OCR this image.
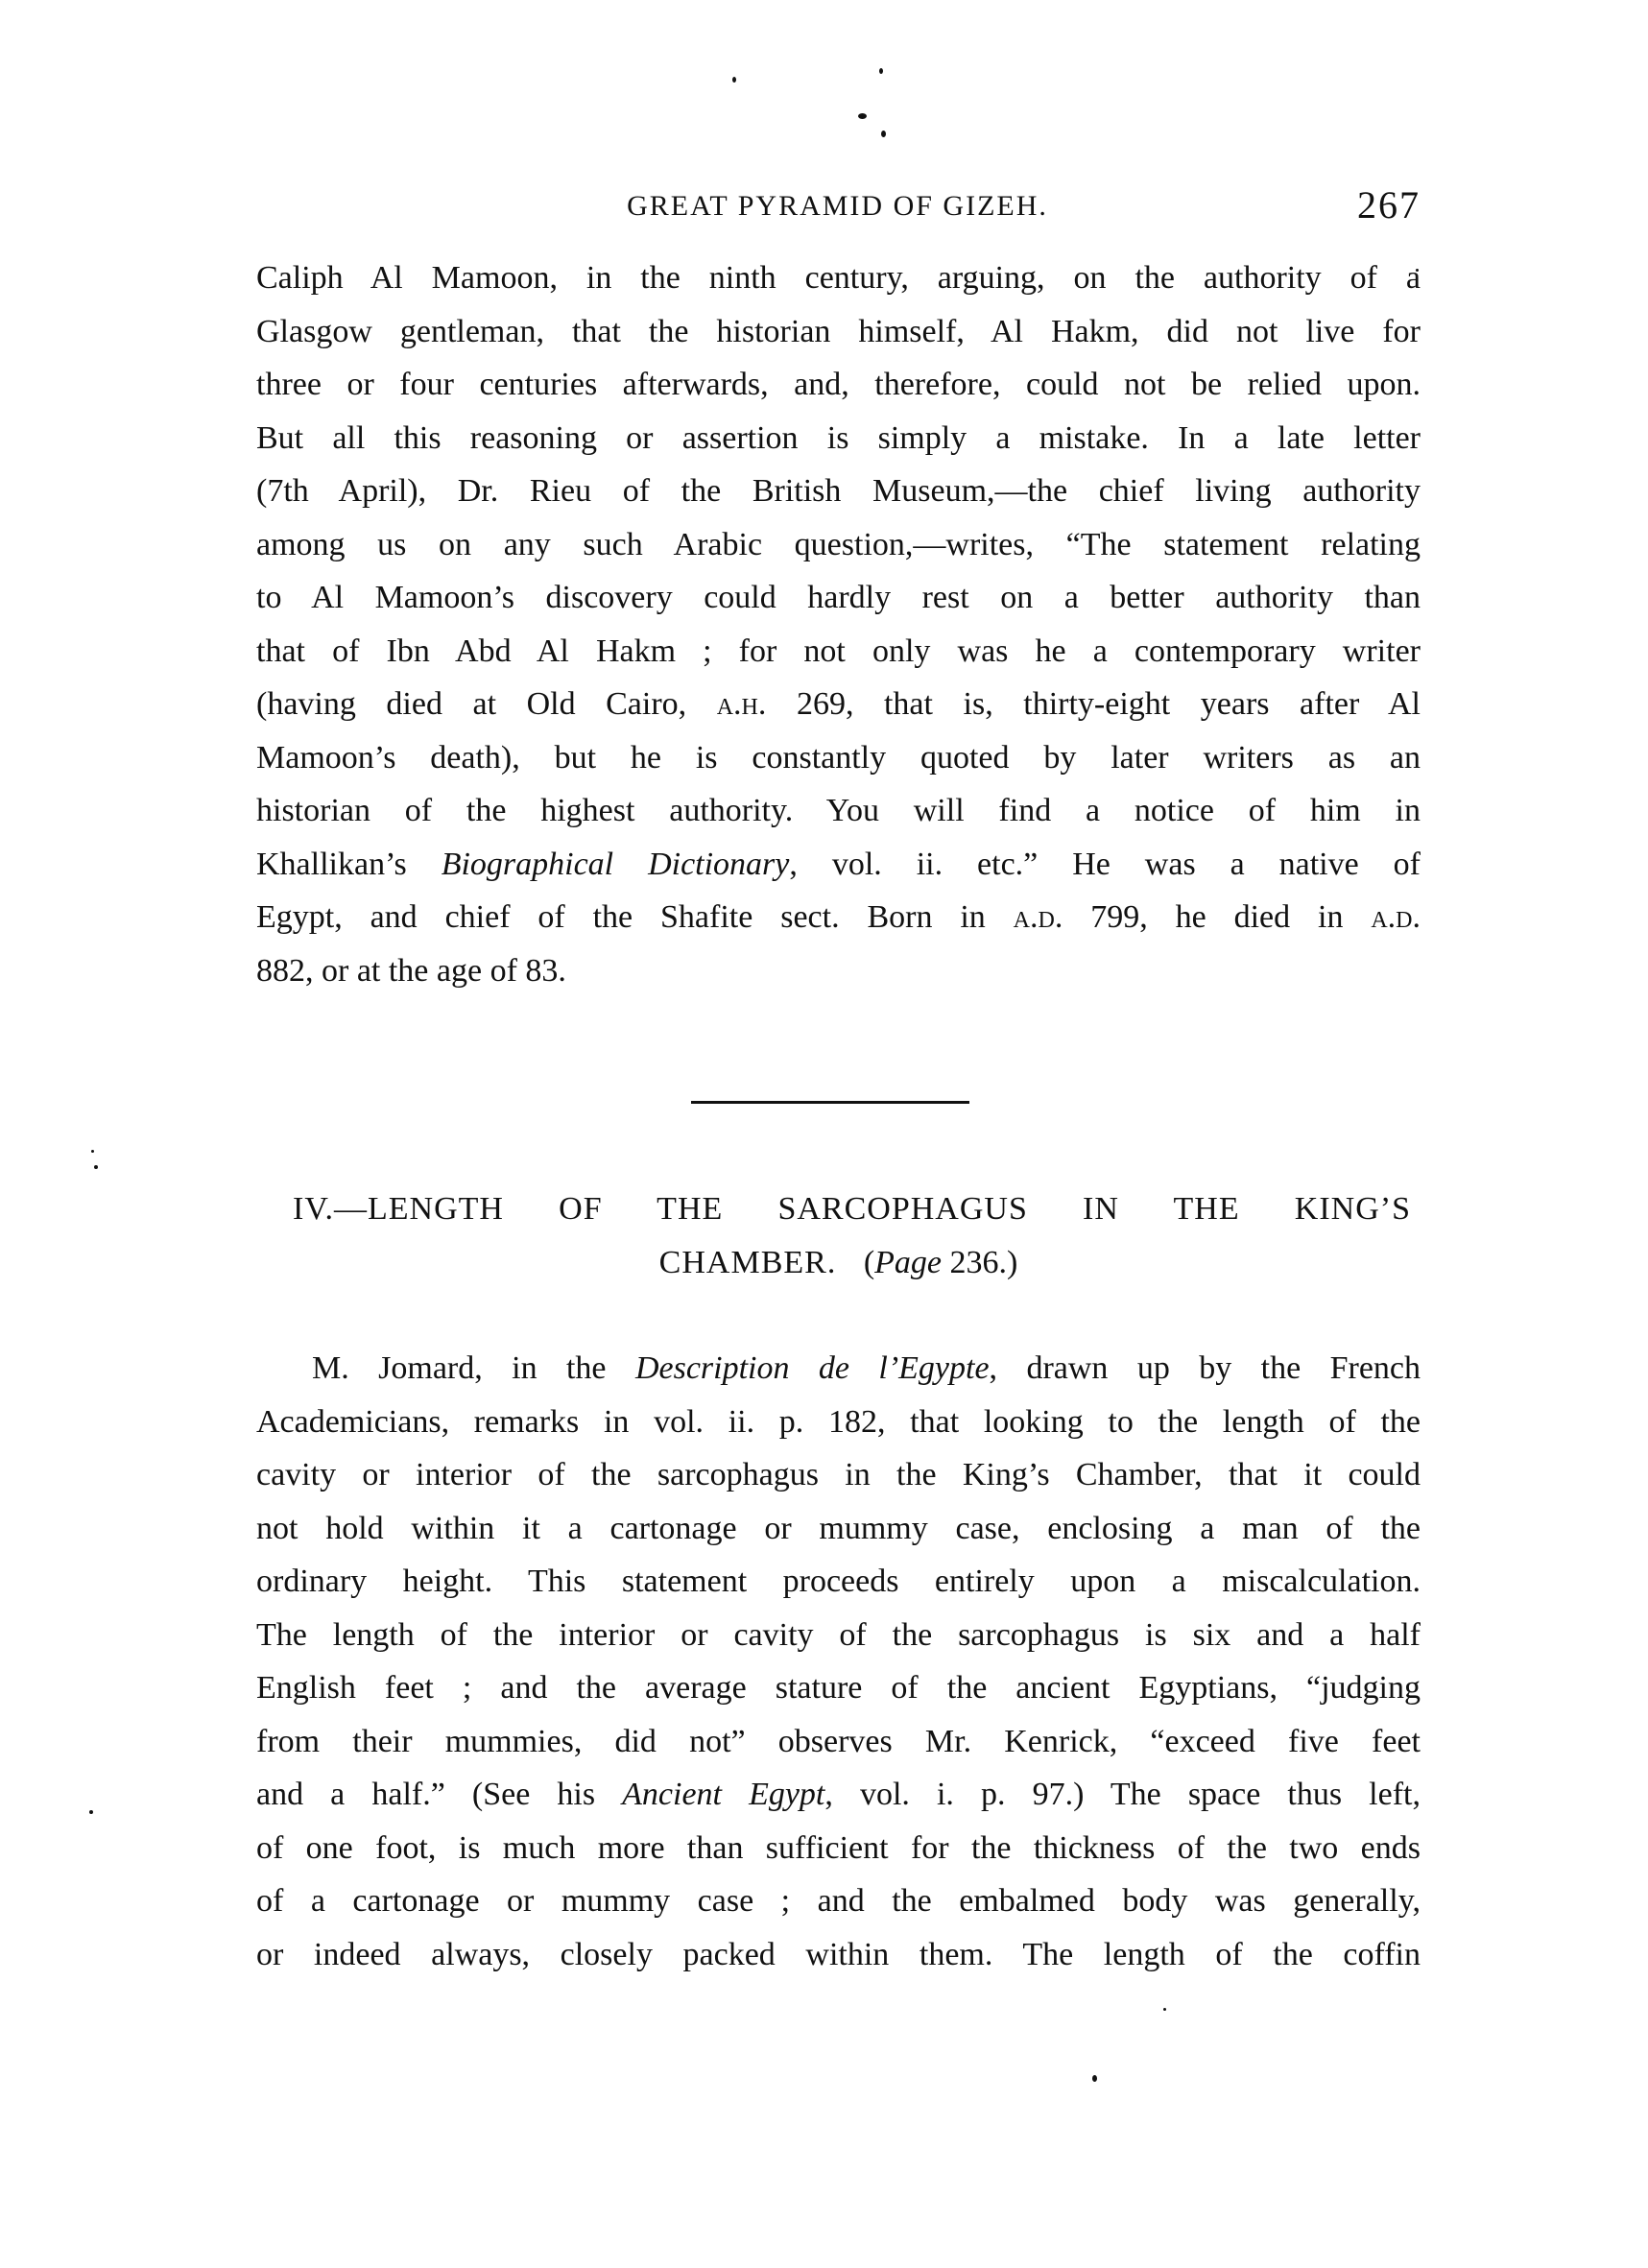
GREAT PYRAMID OF GIZEH.	267
Caliph Al Mamoon, in the ninth century, arguing, on the authority of a
Glasgow gentleman, that the historian himself, Al Hakm, did not live for
three or four centuries afterwards, and, therefore, could not be relied upon.
But all this reasoning or assertion is simply a mistake. In a late letter
(7th April), Dr. Rieu of the British Museum,—the chief living authority
among us on any such Arabic question,—writes, “The statement relating
to Al Mamoon’s discovery could hardly rest on a better authority than
that of Ibn Abd Al Hakm ; for not only was he a contemporary writer
(having died at Old Cairo, a.h. 269, that is, thirty-eight years after Al
Mamoon’s death), but he is constantly quoted by later writers as an
historian of the highest authority. You will find a notice of him in
Khallikan’s Biographical Dictionary, vol. ii. etc.” He was a native of
Egypt, and chief of the Shafite sect. Born in a.d. 799, he died in a.d.
882, or at the age of 83.
IV.—LENGTH OF THE SARCOPHAGUS IN THE KING’S
CHAMBER. (Page 236.)
M. Jomard, in the Description de l’Egypte, drawn up by the French
Academicians, remarks in vol. ii. p. 182, that looking to the length of the
cavity or interior of the sarcophagus in the King’s Chamber, that it could
not hold within it a cartonage or mummy case, enclosing a man of the
ordinary height. This statement proceeds entirely upon a miscalculation.
The length of the interior or cavity of the sarcophagus is six and a half
English feet ; and the average stature of the ancient Egyptians, “judging
from their mummies, did not” observes Mr. Kenrick, “exceed five feet
and a half.” (See his Ancient Egypt, vol. i. p. 97.) The space thus left,
of one foot, is much more than sufficient for the thickness of the two ends
of a cartonage or mummy case ; and the embalmed body was generally,
or indeed always, closely packed within them. The length of the coffin
